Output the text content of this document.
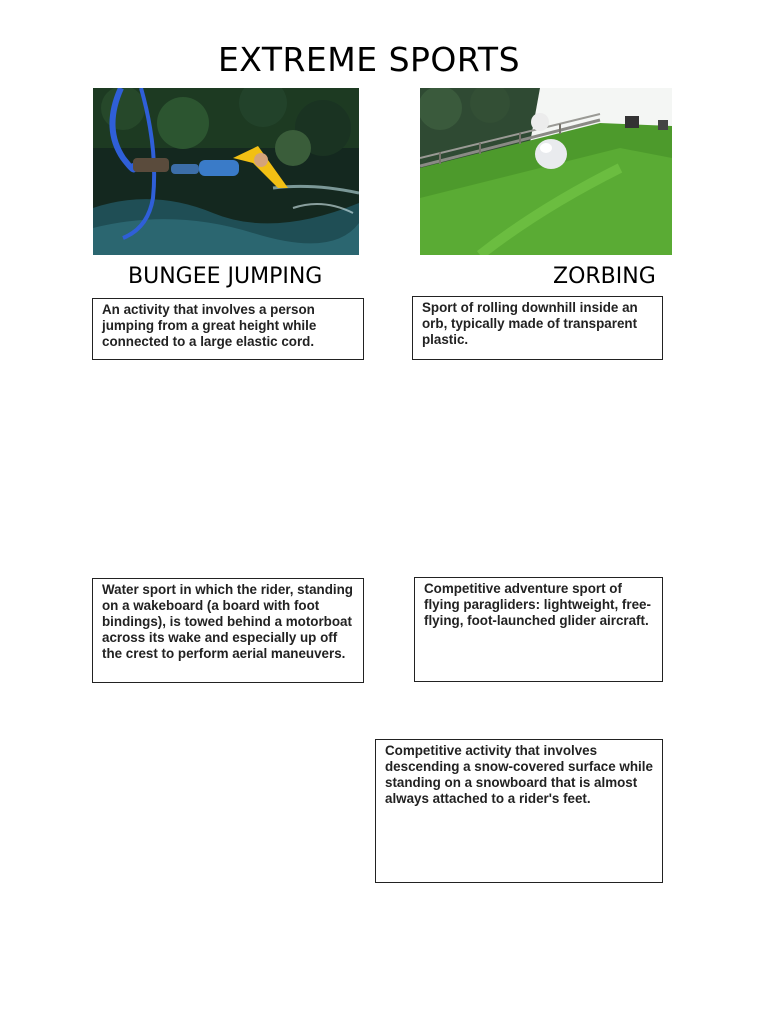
EXTREME SPORTS
BUNGEE JUMPING	ZORBING
An activity that involves a person jumping from a great height while connected to a large elastic cord.
Sport of rolling downhill inside an orb, typically made of transparent plastic.
Water sport in which the rider, standing on a wakeboard (a board with foot bindings), is towed behind a motorboat across its wake and especially up off the crest to perform aerial maneuvers.
Competitive adventure sport of flying paragliders: lightweight, free-flying, foot-launched glider aircraft.
Competitive activity that involves descending a snow-covered surface while standing on a snowboard that is almost always attached to a rider's feet.
